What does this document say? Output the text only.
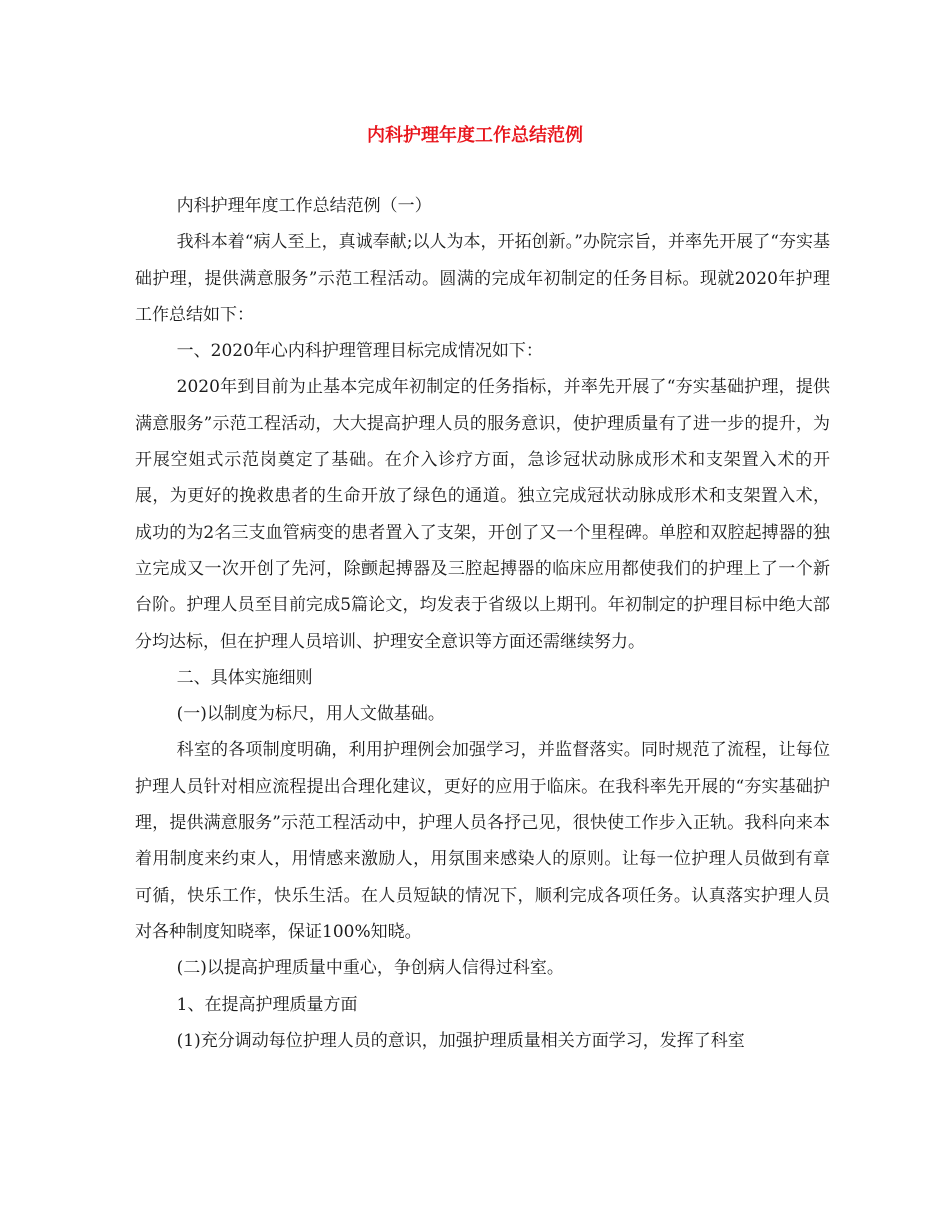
内科护理年度工作总结范例

内科护理年度工作总结范例（一）

我科本着“病人至上，真诚奉献;以人为本，开拓创新。”办院宗旨，并率先开展了“夯实基础护理，提供满意服务”示范工程活动。圆满的完成年初制定的任务目标。现就2020年护理工作总结如下：

一、2020年心内科护理管理目标完成情况如下：

2020年到目前为止基本完成年初制定的任务指标，并率先开展了“夯实基础护理，提供满意服务”示范工程活动，大大提高护理人员的服务意识，使护理质量有了进一步的提升，为开展空姐式示范岗奠定了基础。在介入诊疗方面，急诊冠状动脉成形术和支架置入术的开展，为更好的挽救患者的生命开放了绿色的通道。独立完成冠状动脉成形术和支架置入术，成功的为2名三支血管病变的患者置入了支架，开创了又一个里程碑。单腔和双腔起搏器的独立完成又一次开创了先河，除颤起搏器及三腔起搏器的临床应用都使我们的护理上了一个新台阶。护理人员至目前完成5篇论文，均发表于省级以上期刊。年初制定的护理目标中绝大部分均达标，但在护理人员培训、护理安全意识等方面还需继续努力。

二、具体实施细则

(一)以制度为标尺，用人文做基础。

科室的各项制度明确，利用护理例会加强学习，并监督落实。同时规范了流程，让每位护理人员针对相应流程提出合理化建议，更好的应用于临床。在我科率先开展的“夯实基础护理，提供满意服务”示范工程活动中，护理人员各抒己见，很快使工作步入正轨。我科向来本着用制度来约束人，用情感来激励人，用氛围来感染人的原则。让每一位护理人员做到有章可循，快乐工作，快乐生活。在人员短缺的情况下，顺利完成各项任务。认真落实护理人员对各种制度知晓率，保证100%知晓。

(二)以提高护理质量中重心，争创病人信得过科室。

1、在提高护理质量方面

(1)充分调动每位护理人员的意识，加强护理质量相关方面学习，发挥了科室
